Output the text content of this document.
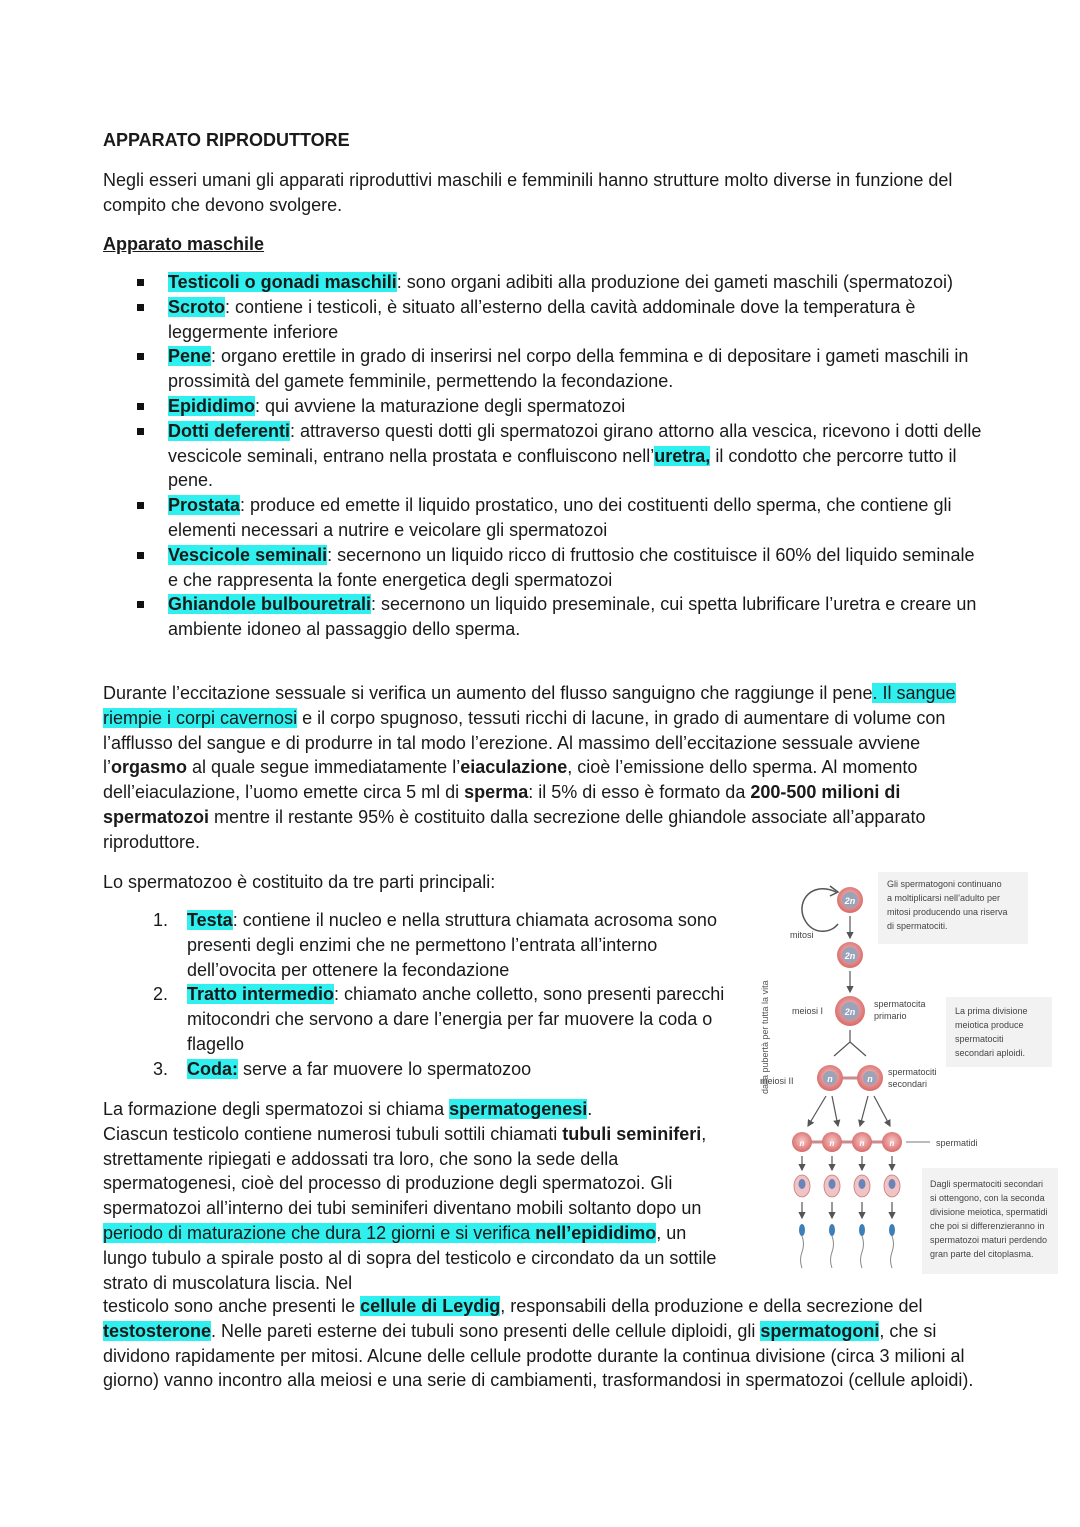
APPARATO RIPRODUTTORE

Negli esseri umani gli apparati riproduttivi maschili e femminili hanno strutture molto diverse in funzione del compito che devono svolgere.

Apparato maschile

Testicoli o gonadi maschili: sono organi adibiti alla produzione dei gameti maschili (spermatozoi)
Scroto: contiene i testicoli, è situato all’esterno della cavità addominale dove la temperatura è leggermente inferiore
Pene: organo erettile in grado di inserirsi nel corpo della femmina e di depositare i gameti maschili in prossimità del gamete femminile, permettendo la fecondazione.
Epididimo: qui avviene la maturazione degli spermatozoi
Dotti deferenti: attraverso questi dotti gli spermatozoi girano attorno alla vescica, ricevono i dotti delle vescicole seminali, entrano nella prostata e confluiscono nell’uretra, il condotto che percorre tutto il pene.
Prostata: produce ed emette il liquido prostatico, uno dei costituenti dello sperma, che contiene gli elementi necessari a nutrire e veicolare gli spermatozoi
Vescicole seminali: secernono un liquido ricco di fruttosio che costituisce il 60% del liquido seminale e che rappresenta la fonte energetica degli spermatozoi
Ghiandole bulbouretrali: secernono un liquido preseminale, cui spetta lubrificare l’uretra e creare un ambiente idoneo al passaggio dello sperma.

Durante l’eccitazione sessuale si verifica un aumento del flusso sanguigno che raggiunge il pene. Il sangue riempie i corpi cavernosi e il corpo spugnoso, tessuti ricchi di lacune, in grado di aumentare di volume con l’afflusso del sangue e di produrre in tal modo l’erezione. Al massimo dell’eccitazione sessuale avviene l’orgasmo al quale segue immediatamente l’eiaculazione, cioè l’emissione dello sperma. Al momento dell’eiaculazione, l’uomo emette circa 5 ml di sperma: il 5% di esso è formato da 200-500 milioni di spermatozoi mentre il restante 95% è costituito dalla secrezione delle ghiandole associate all’apparato riproduttore.

Lo spermatozoo è costituito da tre parti principali:

1. Testa: contiene il nucleo e nella struttura chiamata acrosoma sono presenti degli enzimi che ne permettono l’entrata all’interno dell’ovocita per ottenere la fecondazione
2. Tratto intermedio: chiamato anche colletto, sono presenti parecchi mitocondri che servono a dare l’energia per far muovere la coda o flagello
3. Coda: serve a far muovere lo spermatozoo

La formazione degli spermatozoi si chiama spermatogenesi.
Ciascun testicolo contiene numerosi tubuli sottili chiamati tubuli seminiferi, strettamente ripiegati e addossati tra loro, che sono la sede della spermatogenesi, cioè del processo di produzione degli spermatozoi. Gli spermatozoi all’interno dei tubi seminiferi diventano mobili soltanto dopo un periodo di maturazione che dura 12 giorni e si verifica nell’epididimo, un lungo tubulo a spirale posto al di sopra del testicolo e circondato da un sottile strato di muscolatura liscia. Nel

testicolo sono anche presenti le cellule di Leydig, responsabili della produzione e della secrezione del testosterone. Nelle pareti esterne dei tubuli sono presenti delle cellule diploidi, gli spermatogoni, che si dividono rapidamente per mitosi. Alcune delle cellule prodotte durante la continua divisione (circa 3 milioni al giorno) vanno incontro alla meiosi e una serie di cambiamenti, trasformandosi in spermatozoi (cellule aploidi).

Gli spermatogoni continuano
a moltiplicarsi nell’adulto per
mitosi producendo una riserva
di spermatociti.
La prima divisione
meiotica produce
spermatociti
secondari aploidi.
Dagli spermatociti secondari
si ottengono, con la seconda
divisione meiotica, spermatidi
che poi si differenzieranno in
spermatozoi maturi perdendo
gran parte del citoplasma.
dalla pubertà per tutta la vita
mitosi
2n
2n
2n
meiosi I
spermatocita
primario
n	n
meiosi II
spermatociti
secondari
n	n	n	n	spermatidi
